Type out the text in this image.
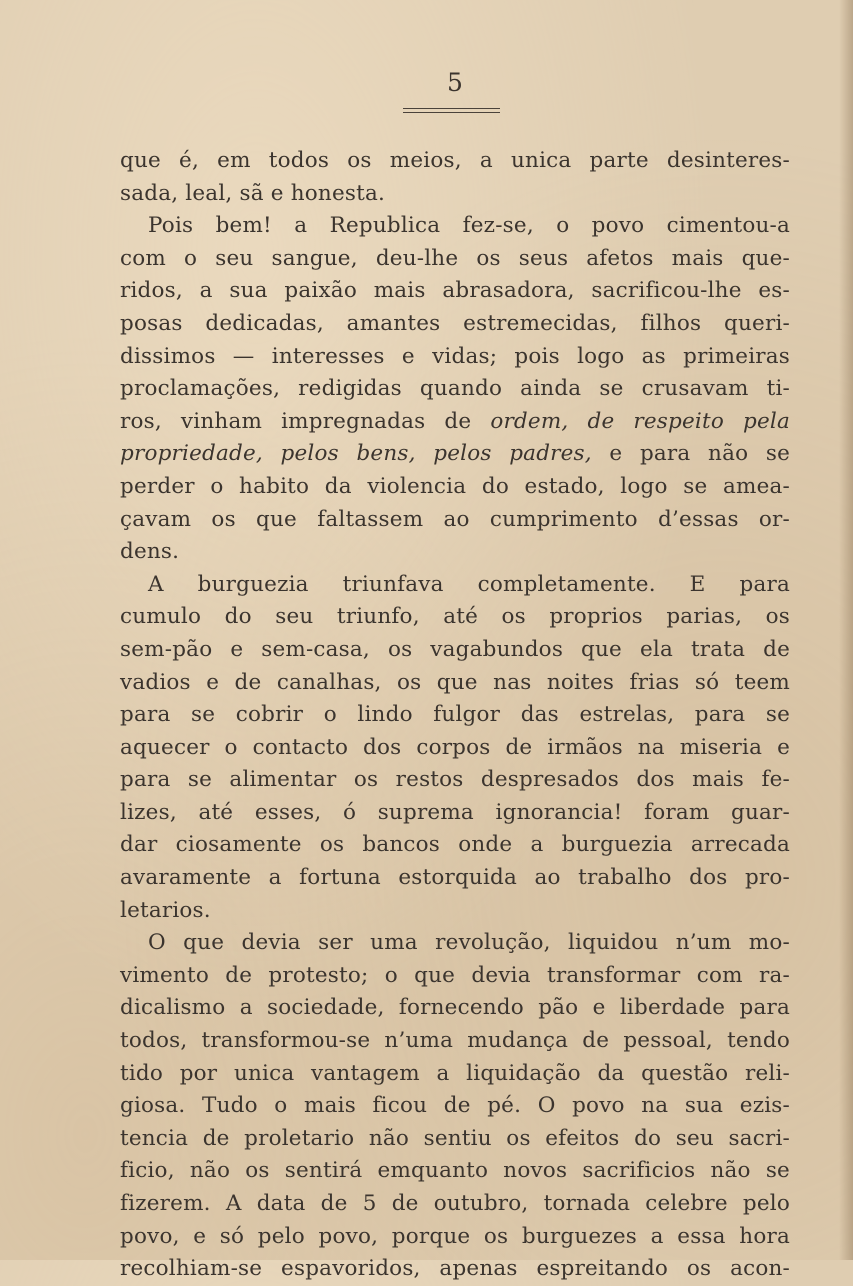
5
que é, em todos os meios, a unica parte desinteres-
sada, leal, sã e honesta.
Pois bem! a Republica fez-se, o povo cimentou-a
com o seu sangue, deu-lhe os seus afetos mais que-
ridos, a sua paixão mais abrasadora, sacrificou-lhe es-
posas dedicadas, amantes estremecidas, filhos queri-
dissimos — interesses e vidas; pois logo as primeiras
proclamações, redigidas quando ainda se crusavam ti-
ros, vinham impregnadas de ordem, de respeito pela
propriedade, pelos bens, pelos padres, e para não se
perder o habito da violencia do estado, logo se amea-
çavam os que faltassem ao cumprimento d’essas or-
dens.
A burguezia triunfava completamente. E para
cumulo do seu triunfo, até os proprios parias, os
sem-pão e sem-casa, os vagabundos que ela trata de
vadios e de canalhas, os que nas noites frias só teem
para se cobrir o lindo fulgor das estrelas, para se
aquecer o contacto dos corpos de irmãos na miseria e
para se alimentar os restos despresados dos mais fe-
lizes, até esses, ó suprema ignorancia! foram guar-
dar ciosamente os bancos onde a burguezia arrecada
avaramente a fortuna estorquida ao trabalho dos pro-
letarios.
O que devia ser uma revolução, liquidou n’um mo-
vimento de protesto; o que devia transformar com ra-
dicalismo a sociedade, fornecendo pão e liberdade para
todos, transformou-se n’uma mudança de pessoal, tendo
tido por unica vantagem a liquidação da questão reli-
giosa. Tudo o mais ficou de pé. O povo na sua ezis-
tencia de proletario não sentiu os efeitos do seu sacri-
ficio, não os sentirá emquanto novos sacrificios não se
fizerem. A data de 5 de outubro, tornada celebre pelo
povo, e só pelo povo, porque os burguezes a essa hora
recolhiam-se espavoridos, apenas espreitando os acon-
